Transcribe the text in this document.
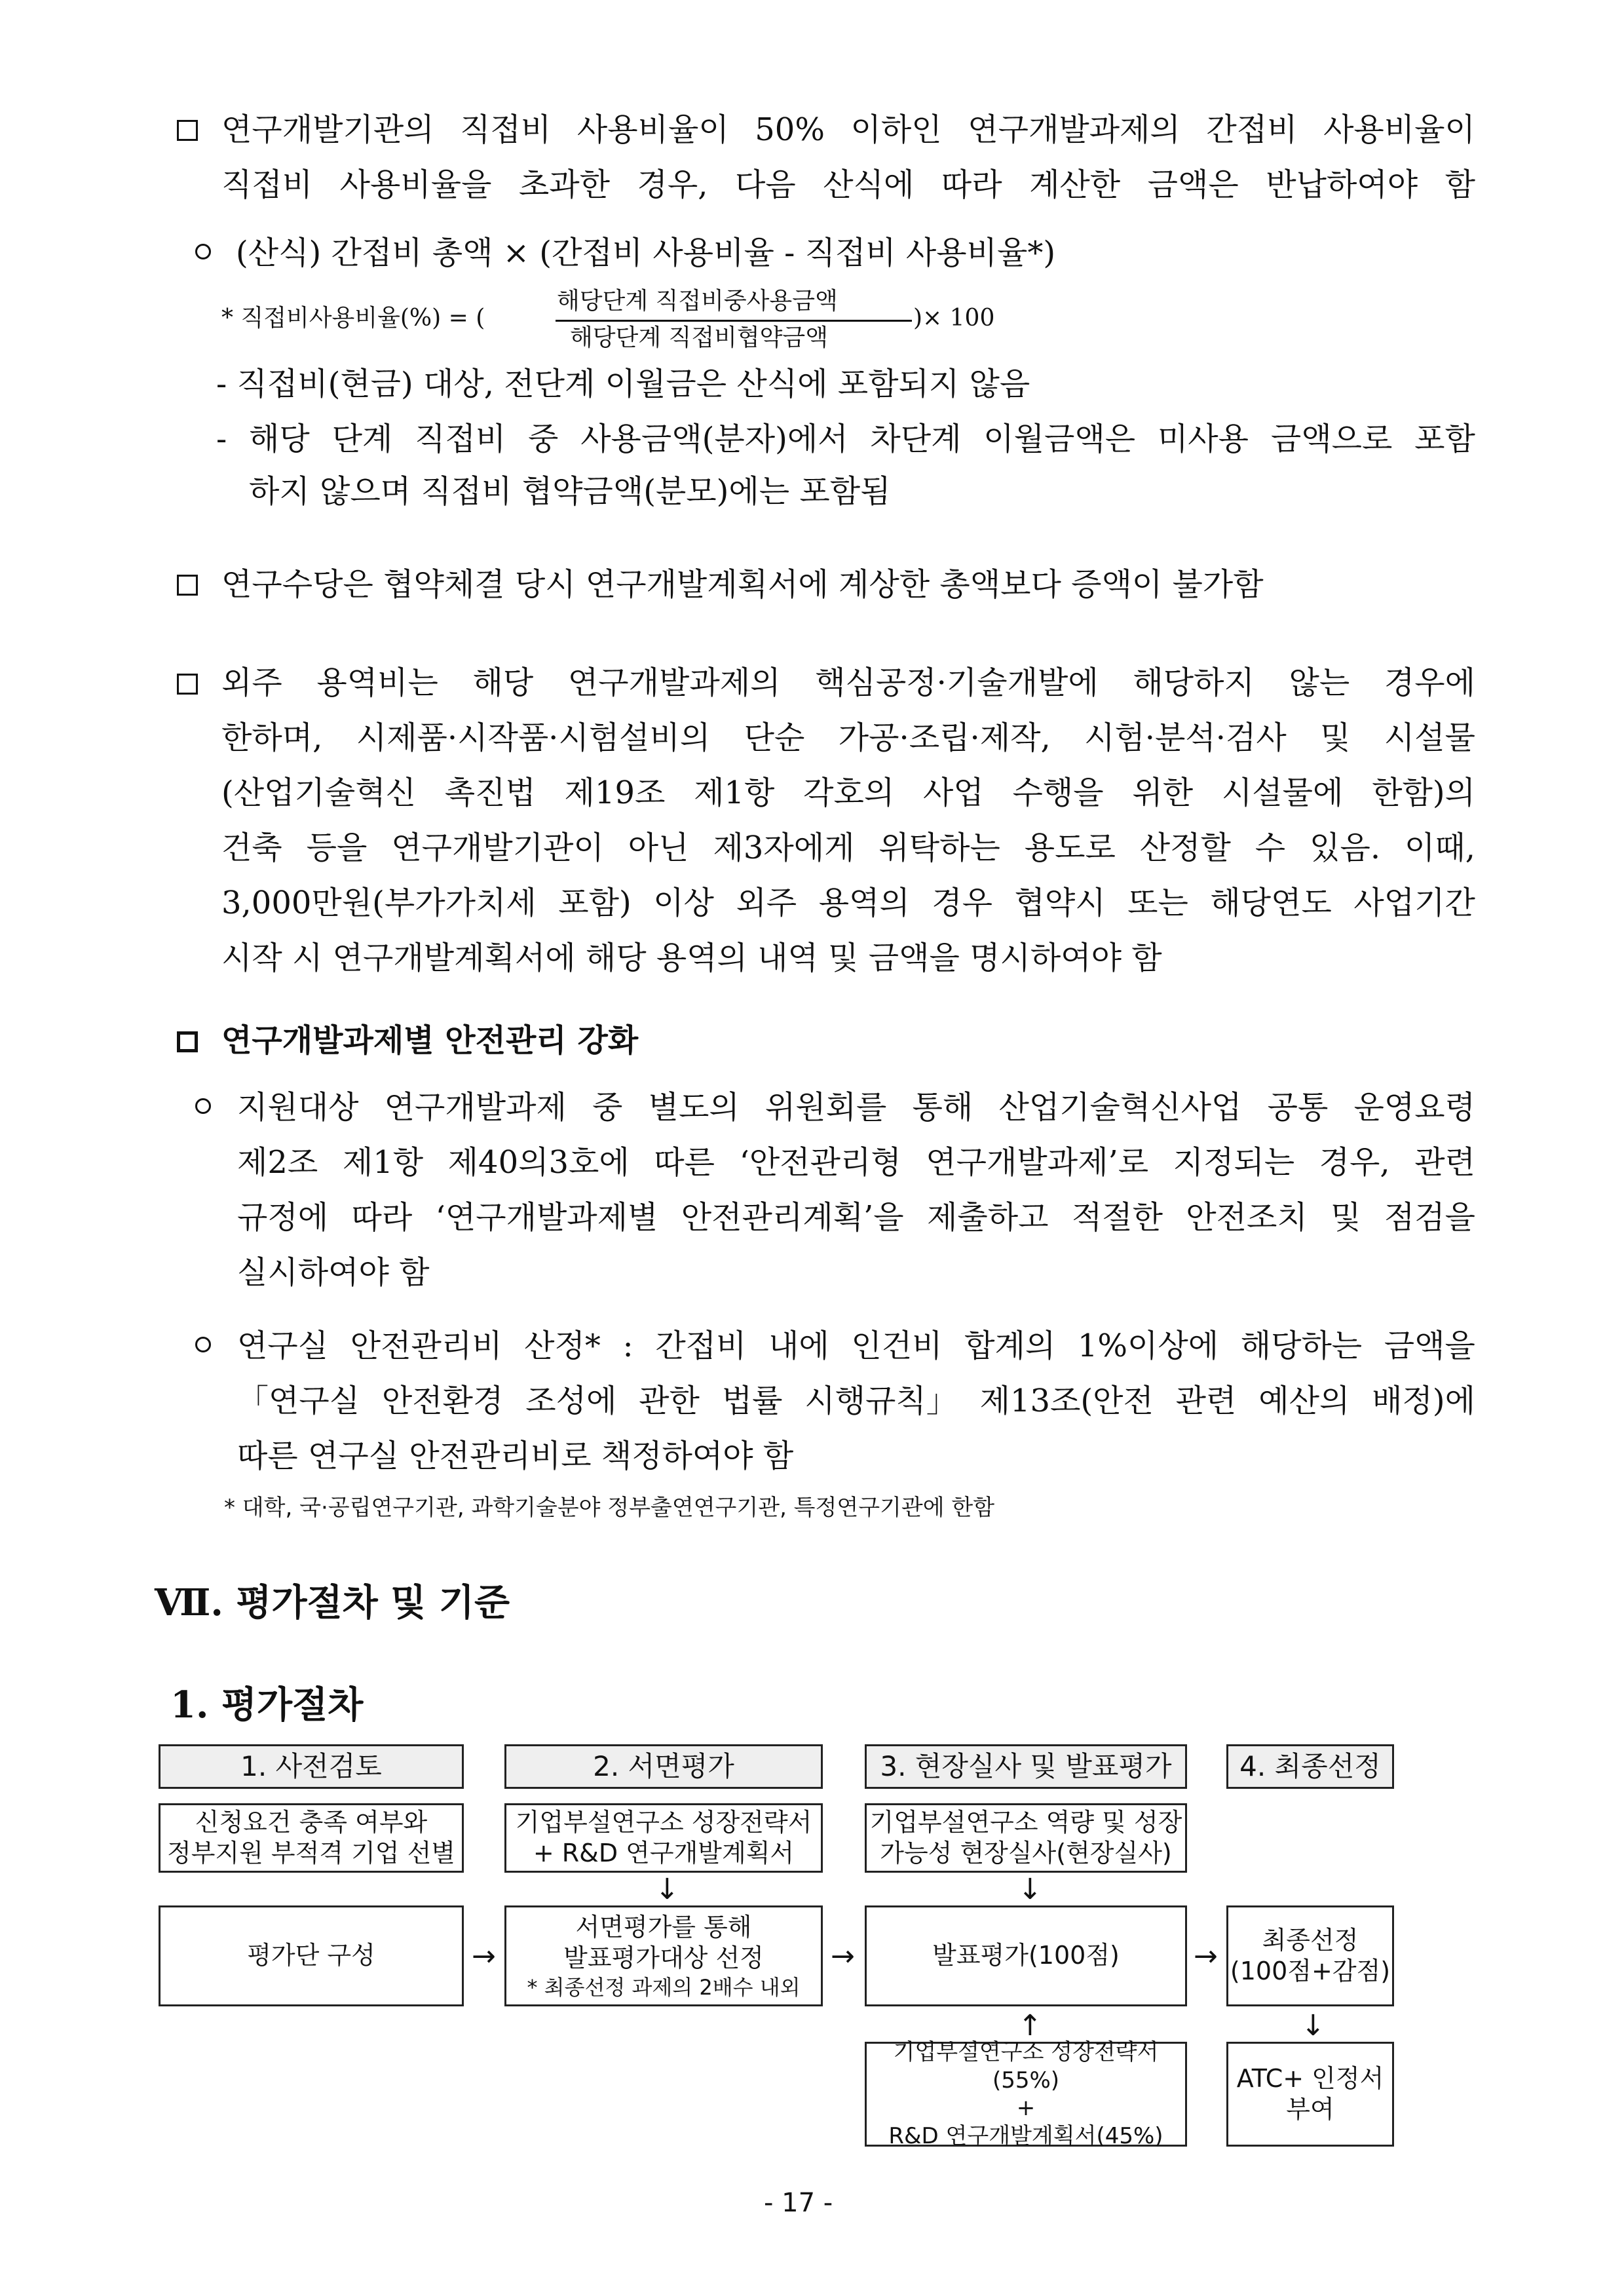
연구개발기관의 직접비 사용비율이 50% 이하인 연구개발과제의 간접비 사용비율이
직접비 사용비율을 초과한 경우, 다음 산식에 따라 계산한 금액은 반납하여야 함
(산식) 간접비 총액 × (간접비 사용비율 - 직접비 사용비율*)
* 직접비사용비율(%) = (
해당단계 직접비중사용금액
해당단계 직접비협약금액
)× 100
- 직접비(현금) 대상, 전단계 이월금은 산식에 포함되지 않음
- 해당 단계 직접비 중 사용금액(분자)에서 차단계 이월금액은 미사용 금액으로 포함
하지 않으며 직접비 협약금액(분모)에는 포함됨
연구수당은 협약체결 당시 연구개발계획서에 계상한 총액보다 증액이 불가함
외주 용역비는 해당 연구개발과제의 핵심공정·기술개발에 해당하지 않는 경우에
한하며, 시제품·시작품·시험설비의 단순 가공·조립·제작, 시험·분석·검사 및 시설물
(산업기술혁신 촉진법 제19조 제1항 각호의 사업 수행을 위한 시설물에 한함)의
건축 등을 연구개발기관이 아닌 제3자에게 위탁하는 용도로 산정할 수 있음. 이때,
3,000만원(부가가치세 포함) 이상 외주 용역의 경우 협약시 또는 해당연도 사업기간
시작 시 연구개발계획서에 해당 용역의 내역 및 금액을 명시하여야 함
연구개발과제별 안전관리 강화
지원대상 연구개발과제 중 별도의 위원회를 통해 산업기술혁신사업 공통 운영요령
제2조 제1항 제40의3호에 따른 ‘안전관리형 연구개발과제’로 지정되는 경우, 관련
규정에 따라 ‘연구개발과제별 안전관리계획’을 제출하고 적절한 안전조치 및 점검을
실시하여야 함
연구실 안전관리비 산정* : 간접비 내에 인건비 합계의 1%이상에 해당하는 금액을
「연구실 안전환경 조성에 관한 법률 시행규칙」 제13조(안전 관련 예산의 배정)에
따른 연구실 안전관리비로 책정하여야 함
* 대학, 국·공립연구기관, 과학기술분야 정부출연연구기관, 특정연구기관에 한함
Ⅶ. 평가절차 및 기준
1. 평가절차
1. 사전검토	2. 서면평가	3. 현장실사 및 발표평가 4. 최종선정
신청요건 충족 여부와
정부지원 부적격 기업 선별
기업부설연구소 성장전략서
+ R&D 연구개발계획서
기업부설연구소 역량 및 성장
가능성 현장실사(현장실사)
↓	↓
평가단 구성	→
서면평가를 통해
발표평가대상 선정
* 최종선정 과제의 2배수 내외
→	발표평가(100점)	→ 최종선정
(100점+감점)
↑	↓
기업부설연구소 성장전략서(55%)
+
R&D 연구개발계획서(45%)
ATC+ 인정서
부여
- 17 -
